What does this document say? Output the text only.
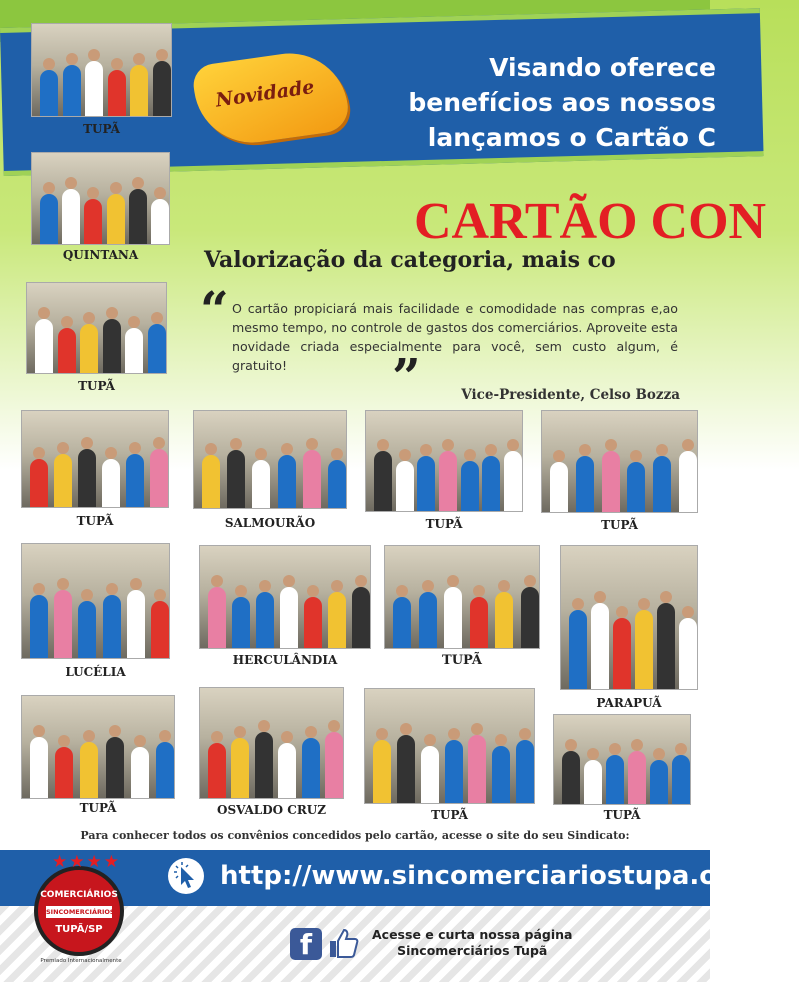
Visando oferece
benefícios aos nossos
lançamos o Cartão C
Novidade
CARTÃO CON
Valorização da categoria, mais co
“ O cartão propiciará mais facilidade e comodidade nas compras e,ao mesmo tempo, no controle de gastos dos comerciários. Aproveite esta novidade criada especialmente para você, sem custo algum, é gratuito!	”	Vice-Presidente, Celso Bozza
TUPÃ
QUINTANA
TUPÃ
TUPÃ	SALMOURÃO	TUPÃ	TUPÃ
LUCÉLIA
HERCULÂNDIA	TUPÃ
PARAPUÃ
TUPÃ	OSVALDO CRUZ	TUPÃ	TUPÃ
Para conhecer todos os convênios concedidos pelo cartão, acesse o site do seu Sindicato:
http://www.sincomerciariostupa.org.br/
★★★★
COMERCIÁRIOS
SINCOMERCIÁRIOS
TUPÃ/SP
Premiado Internacionalmente	f	Acesse e curta nossa página
Sincomerciários Tupã
